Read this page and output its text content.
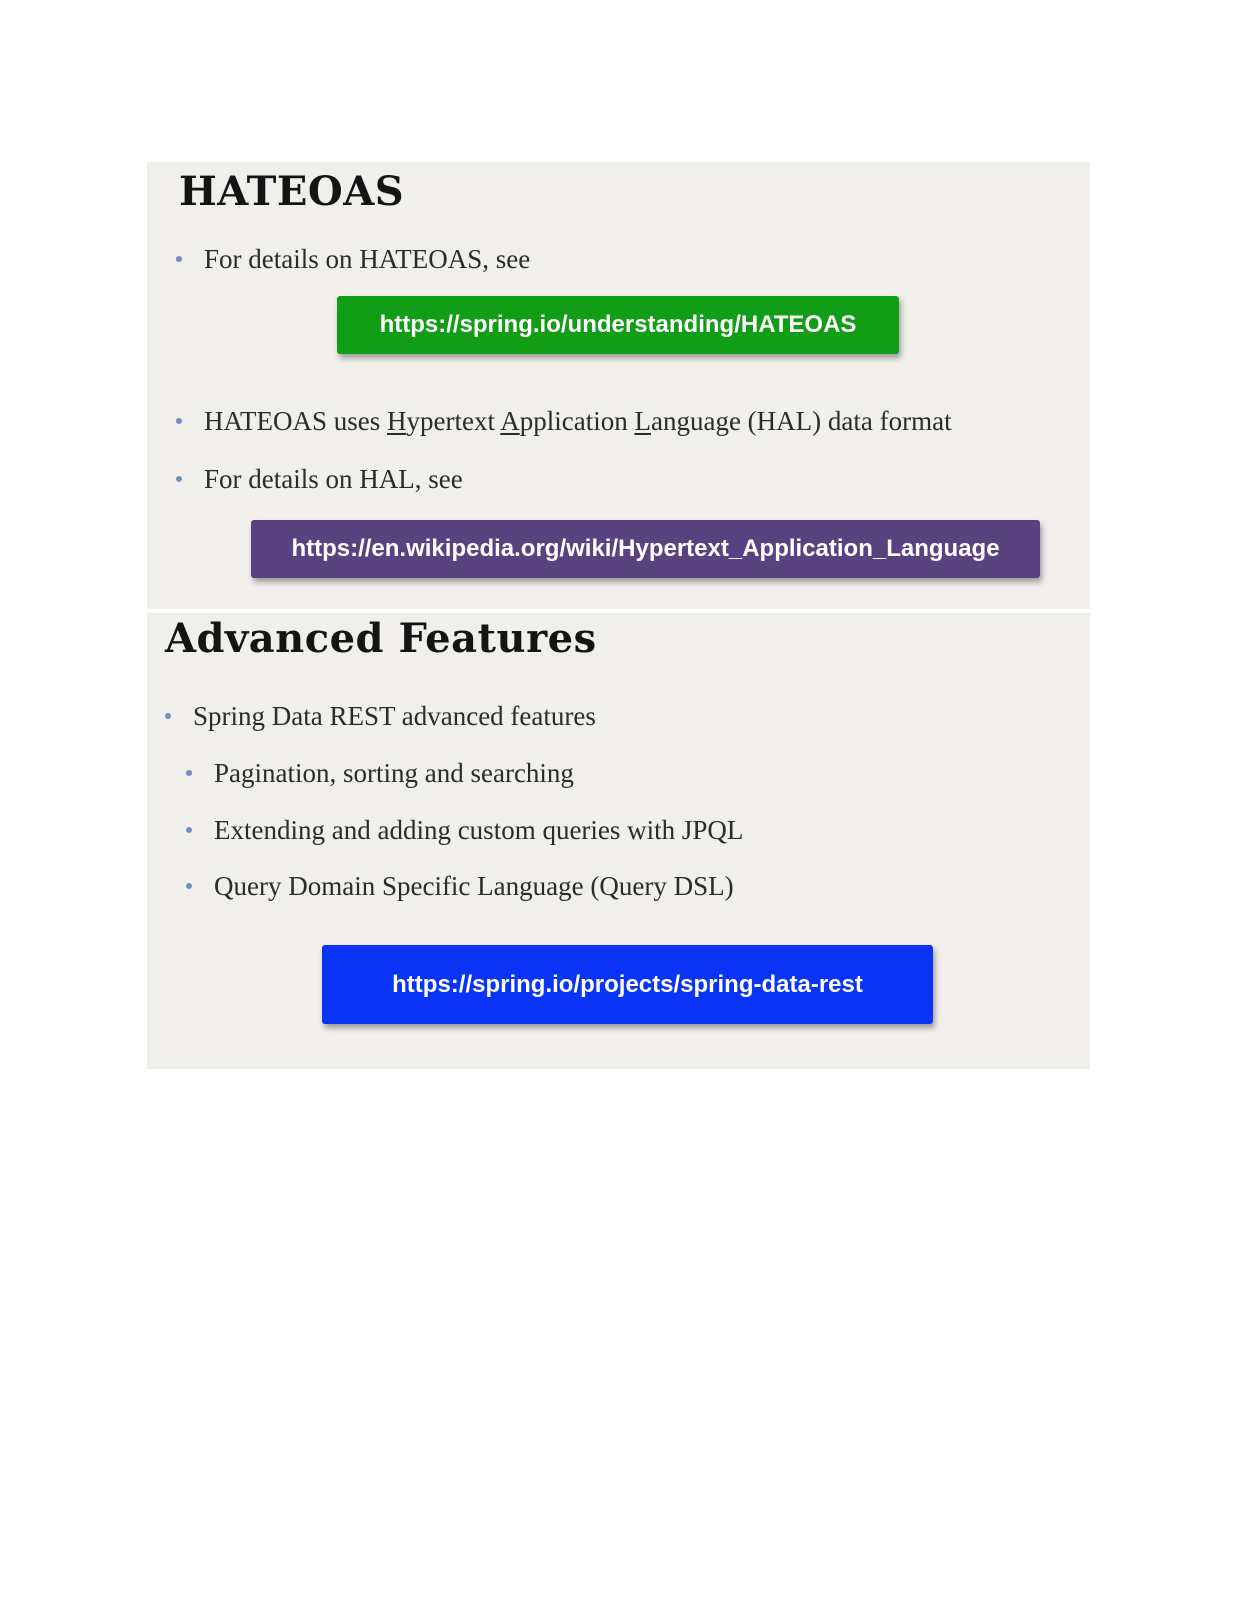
HATEOAS
For details on HATEOAS, see
https://spring.io/understanding/HATEOAS
HATEOAS uses Hypertext Application Language (HAL) data format
For details on HAL, see
https://en.wikipedia.org/wiki/Hypertext_Application_Language
Advanced Features
Spring Data REST advanced features
Pagination, sorting and searching
Extending and adding custom queries with JPQL
Query Domain Specific Language (Query DSL)
https://spring.io/projects/spring-data-rest
